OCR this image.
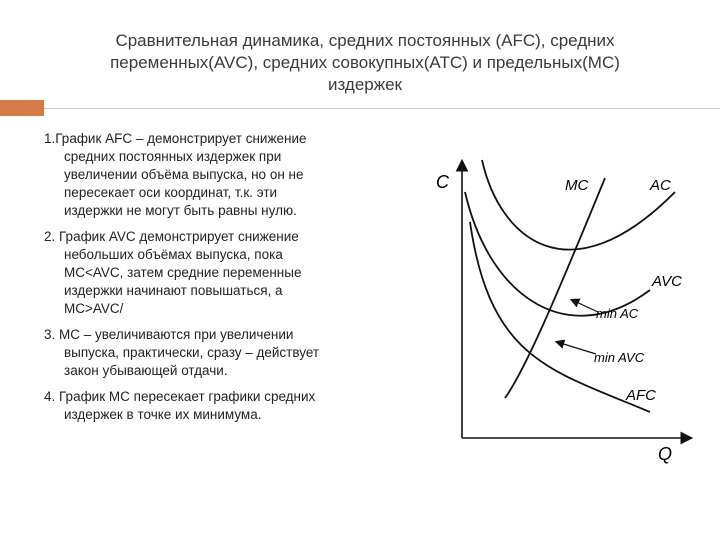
Сравнительная динамика, средних постоянных (AFC), средних
переменных(AVC), средних совокупных(ATC) и предельных(МС)
издержек
1.График AFC – демонстрирует снижение
средних постоянных издержек при
увеличении объёма выпуска, но он не
пересекает оси координат, т.к. эти
издержки не могут быть равны нулю.
2. График AVC демонстрирует снижение
небольших объёмах выпуска, пока
MC<AVC, затем средние переменные
издержки начинают повышаться, а
MC>AVC/
3. МС – увеличиваются при увеличении
выпуска, практически, сразу – действует
закон убывающей отдачи.
4. График МС пересекает графики средних
издержек в точке их минимума.
C
Q
MC	AC
AVC
AFC
min AC
min AVC
